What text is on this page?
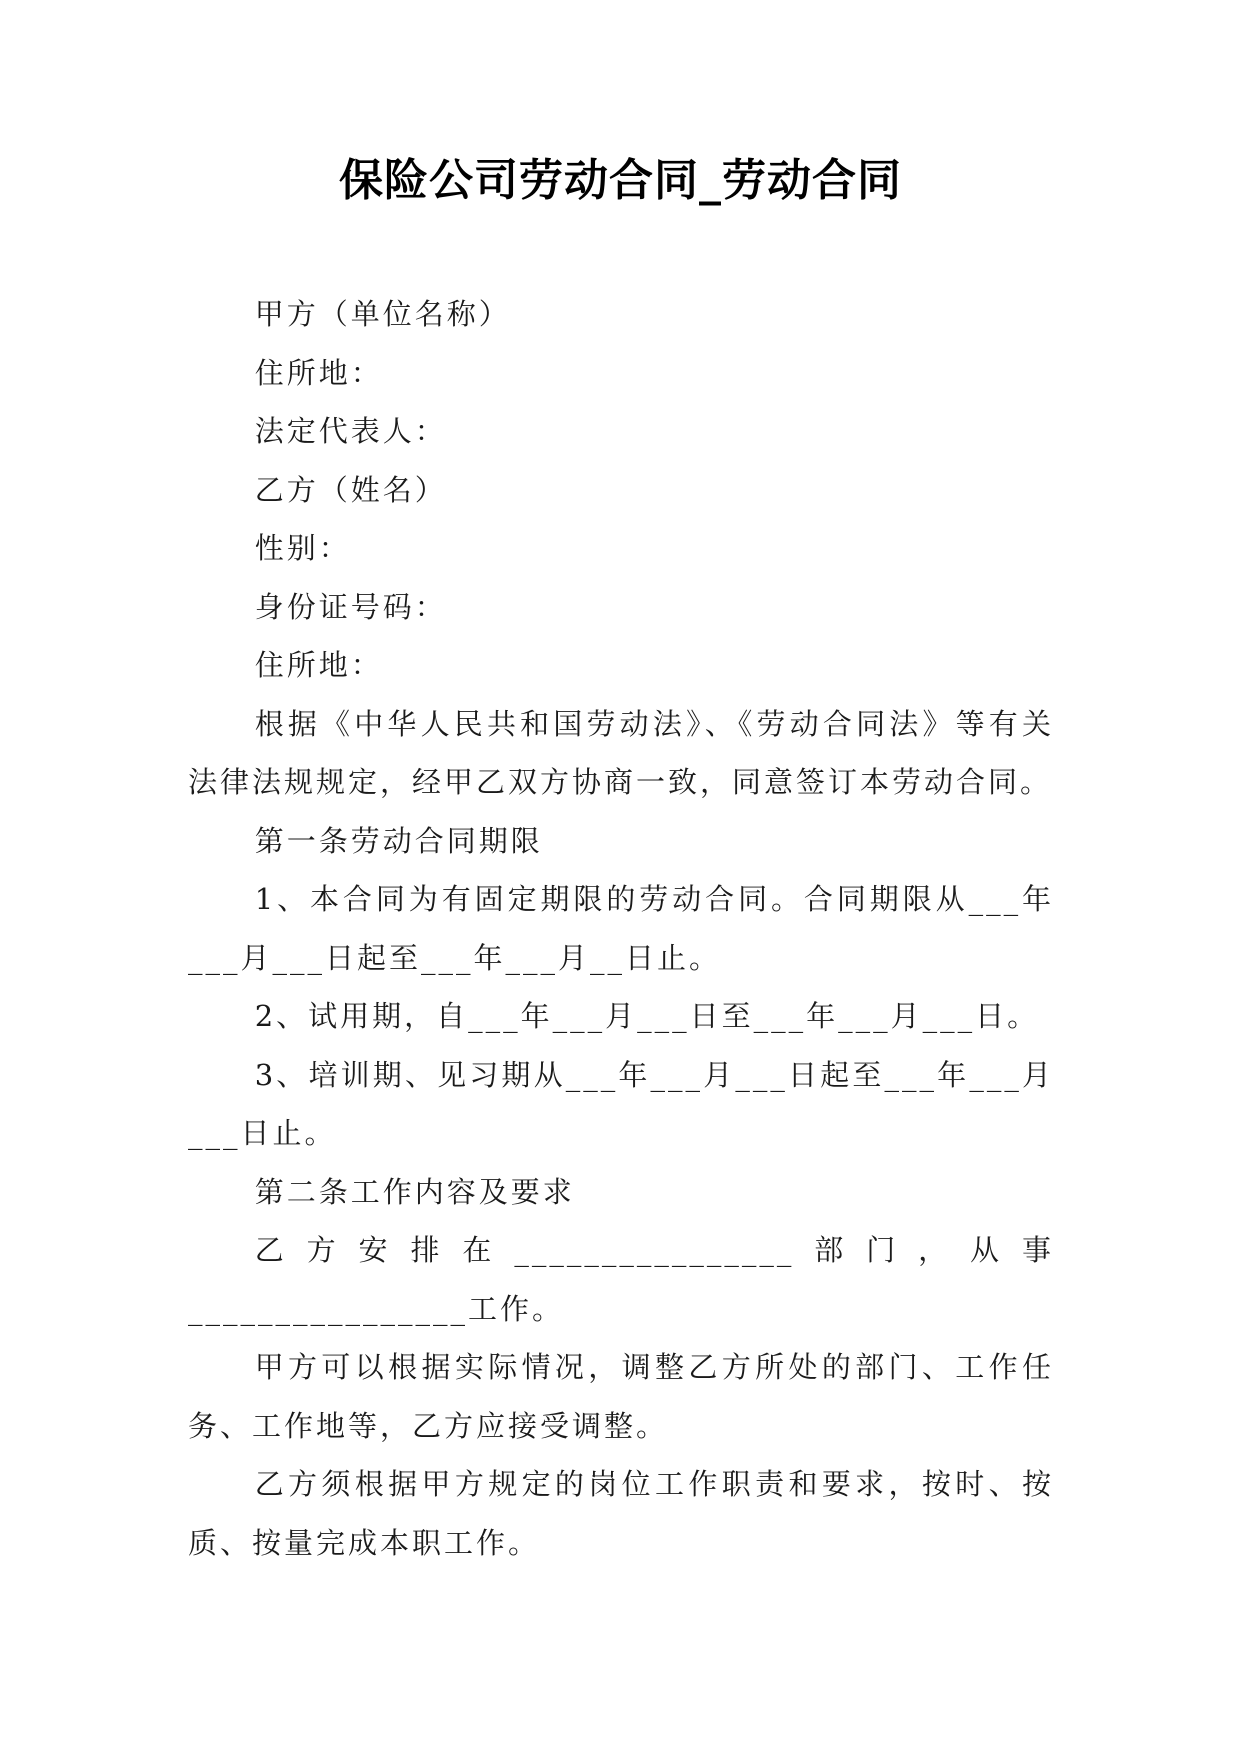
保险公司劳动合同_劳动合同

甲方（单位名称）

住所地：

法定代表人：

乙方（姓名）

性别：

身份证号码：

住所地：

根据《中华人民共和国劳动法》、《劳动合同法》等有关法律法规规定，经甲乙双方协商一致，同意签订本劳动合同。

第一条劳动合同期限

1、本合同为有固定期限的劳动合同。合同期限从___年___月___日起至___年___月__日止。

2、试用期，自___年___月___日至___年___月___日。

3、培训期、见习期从___年___月___日起至___年___月___日止。

第二条工作内容及要求

乙方安排在________________部门，从事________________工作。

甲方可以根据实际情况，调整乙方所处的部门、工作任务、工作地等，乙方应接受调整。

乙方须根据甲方规定的岗位工作职责和要求，按时、按质、按量完成本职工作。
